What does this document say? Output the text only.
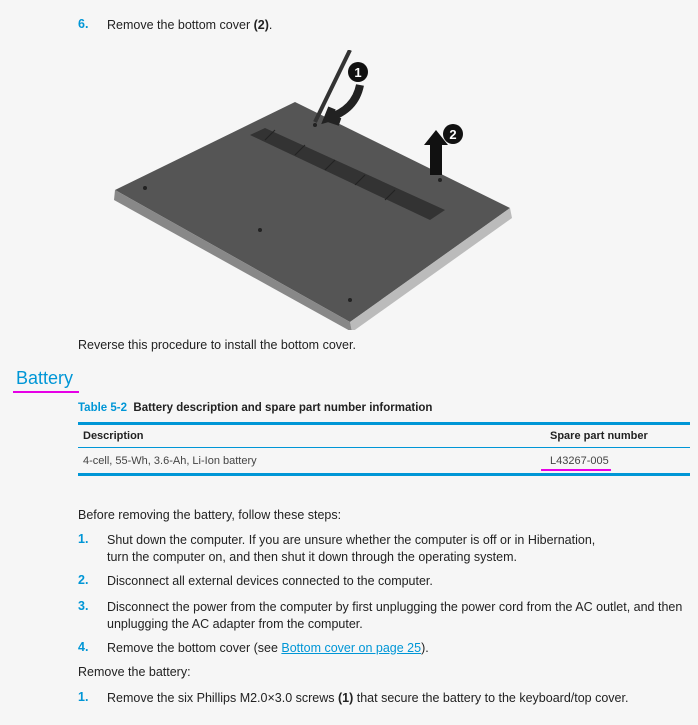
6. Remove the bottom cover (2).
1
2
Reverse this procedure to install the bottom cover.
Battery
Table 5-2 Battery description and spare part number information
Description	Spare part number
4-cell, 55-Wh, 3.6-Ah, Li-Ion battery	L43267-005
Before removing the battery, follow these steps:
1. Shut down the computer. If you are unsure whether the computer is off or in Hibernation, turn the computer on, and then shut it down through the operating system.
2. Disconnect all external devices connected to the computer.
3. Disconnect the power from the computer by first unplugging the power cord from the AC outlet, and then unplugging the AC adapter from the computer.
4. Remove the bottom cover (see Bottom cover on page 25).
Remove the battery:
1. Remove the six Phillips M2.0×3.0 screws (1) that secure the battery to the keyboard/top cover.
